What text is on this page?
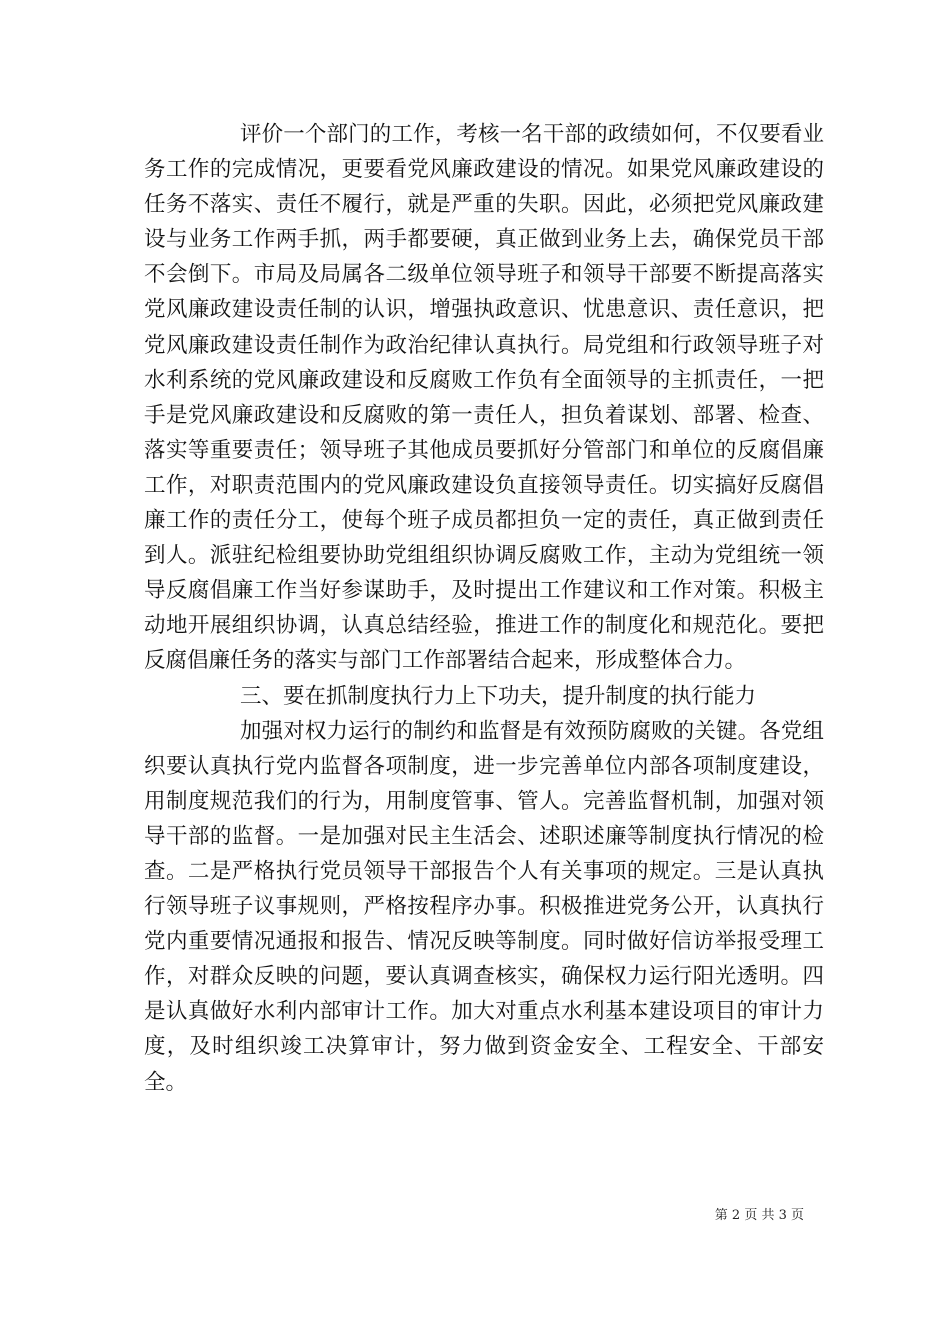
评价一个部门的工作，考核一名干部的政绩如何，不仅要看业务工作的完成情况，更要看党风廉政建设的情况。如果党风廉政建设的任务不落实、责任不履行，就是严重的失职。因此，必须把党风廉政建设与业务工作两手抓，两手都要硬，真正做到业务上去，确保党员干部不会倒下。市局及局属各二级单位领导班子和领导干部要不断提高落实党风廉政建设责任制的认识，增强执政意识、忧患意识、责任意识，把党风廉政建设责任制作为政治纪律认真执行。局党组和行政领导班子对水利系统的党风廉政建设和反腐败工作负有全面领导的主抓责任，一把手是党风廉政建设和反腐败的第一责任人，担负着谋划、部署、检查、落实等重要责任；领导班子其他成员要抓好分管部门和单位的反腐倡廉工作，对职责范围内的党风廉政建设负直接领导责任。切实搞好反腐倡廉工作的责任分工，使每个班子成员都担负一定的责任，真正做到责任到人。派驻纪检组要协助党组组织协调反腐败工作，主动为党组统一领导反腐倡廉工作当好参谋助手，及时提出工作建议和工作对策。积极主动地开展组织协调，认真总结经验，推进工作的制度化和规范化。要把反腐倡廉任务的落实与部门工作部署结合起来，形成整体合力。

三、要在抓制度执行力上下功夫，提升制度的执行能力

加强对权力运行的制约和监督是有效预防腐败的关键。各党组织要认真执行党内监督各项制度，进一步完善单位内部各项制度建设，用制度规范我们的行为，用制度管事、管人。完善监督机制，加强对领导干部的监督。一是加强对民主生活会、述职述廉等制度执行情况的检查。二是严格执行党员领导干部报告个人有关事项的规定。三是认真执行领导班子议事规则，严格按程序办事。积极推进党务公开，认真执行党内重要情况通报和报告、情况反映等制度。同时做好信访举报受理工作，对群众反映的问题，要认真调查核实，确保权力运行阳光透明。四是认真做好水利内部审计工作。加大对重点水利基本建设项目的审计力度，及时组织竣工决算审计，努力做到资金安全、工程安全、干部安全。

第 2 页 共 3 页
